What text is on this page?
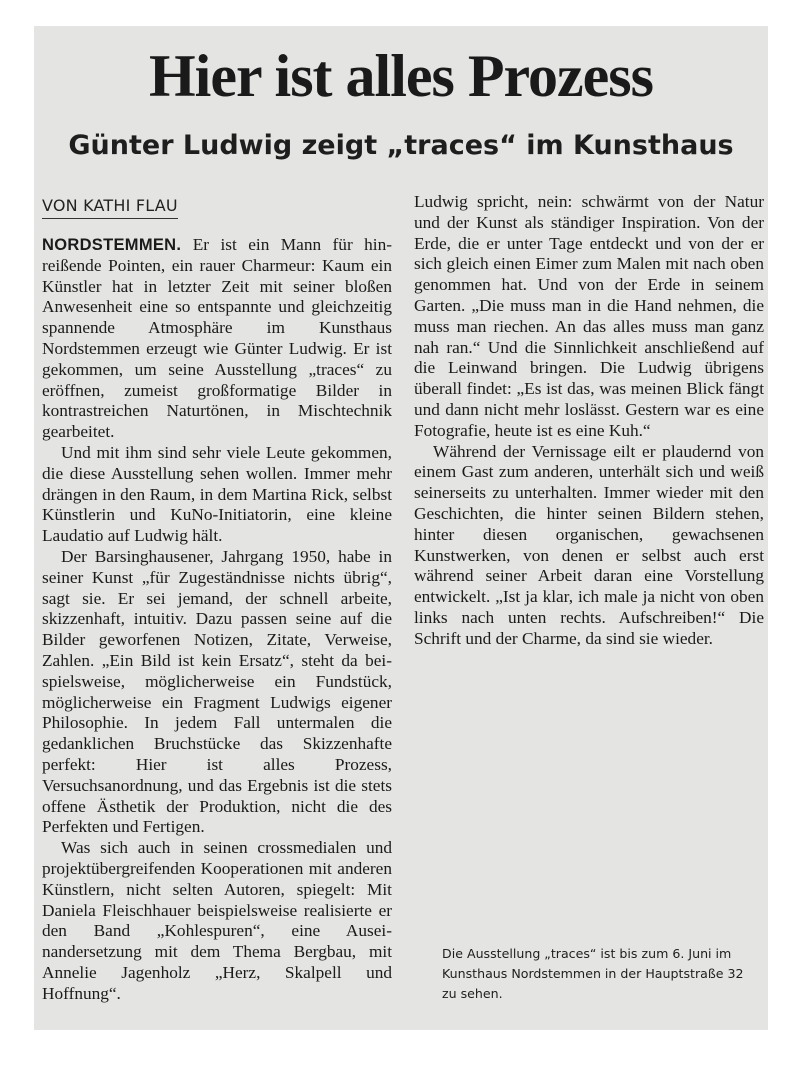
Hier ist alles Prozess
Günter Ludwig zeigt „traces“ im Kunsthaus
VON KATHI FLAU

NORDSTEMMEN. Er ist ein Mann für hinreißende Pointen, ein rauer Charmeur: Kaum ein Künstler hat in letzter Zeit mit seiner bloßen Anwesenheit eine so entspannte und gleichzeitig spannende Atmosphäre im Kunsthaus Nordstemmen erzeugt wie Günter Ludwig. Er ist gekommen, um seine Ausstellung „traces“ zu eröffnen, zumeist großformatige Bilder in kontrastreichen Naturtönen, in Mischtechnik gearbeitet.

Und mit ihm sind sehr viele Leute gekommen, die diese Ausstellung sehen wollen. Immer mehr drängen in den Raum, in dem Martina Rick, selbst Künstlerin und KuNo-Initiatorin, eine kleine Laudatio auf Ludwig hält.

Der Barsinghausener, Jahrgang 1950, habe in seiner Kunst „für Zugeständnisse nichts übrig“, sagt sie. Er sei jemand, der schnell arbeite, skizzenhaft, intuitiv. Dazu passen seine auf die Bilder geworfenen Notizen, Zitate, Verweise, Zahlen. „Ein Bild ist kein Ersatz“, steht da beispielsweise, möglicherweise ein Fundstück, möglicherweise ein Fragment Ludwigs eigener Philosophie. In jedem Fall untermalen die gedanklichen Bruchstücke das Skizzenhafte perfekt: Hier ist alles Prozess, Versuchsanordnung, und das Ergebnis ist die stets offene Ästhetik der Produktion, nicht die des Perfekten und Fertigen.

Was sich auch in seinen crossmedialen und projektübergreifenden Kooperationen mit anderen Künstlern, nicht selten Autoren, spiegelt: Mit Daniela Fleischhauer beispielsweise realisierte er den Band „Kohlespuren“, eine Auseinandersetzung mit dem Thema Bergbau, mit Annelie Jagenholz „Herz, Skalpell und Hoffnung“.

Ludwig spricht, nein: schwärmt von der Natur und der Kunst als ständiger Inspiration. Von der Erde, die er unter Tage entdeckt und von der er sich gleich einen Eimer zum Malen mit nach oben genommen hat. Und von der Erde in seinem Garten. „Die muss man in die Hand nehmen, die muss man riechen. An das alles muss man ganz nah ran.“ Und die Sinnlichkeit anschließend auf die Leinwand bringen. Die Ludwig übrigens überall findet: „Es ist das, was meinen Blick fängt und dann nicht mehr loslässt. Gestern war es eine Fotografie, heute ist es eine Kuh.“

Während der Vernissage eilt er plaudernd von einem Gast zum anderen, unterhält sich und weiß seinerseits zu unterhalten. Immer wieder mit den Geschichten, die hinter seinen Bildern stehen, hinter diesen organischen, gewachsenen Kunstwerken, von denen er selbst auch erst während seiner Arbeit daran eine Vorstellung entwickelt. „Ist ja klar, ich male ja nicht von oben links nach unten rechts. Aufschreiben!“ Die Schrift und der Charme, da sind sie wieder.

Die Ausstellung „traces“ ist bis zum 6. Juni im Kunsthaus Nordstemmen in der Hauptstraße 32 zu sehen.
